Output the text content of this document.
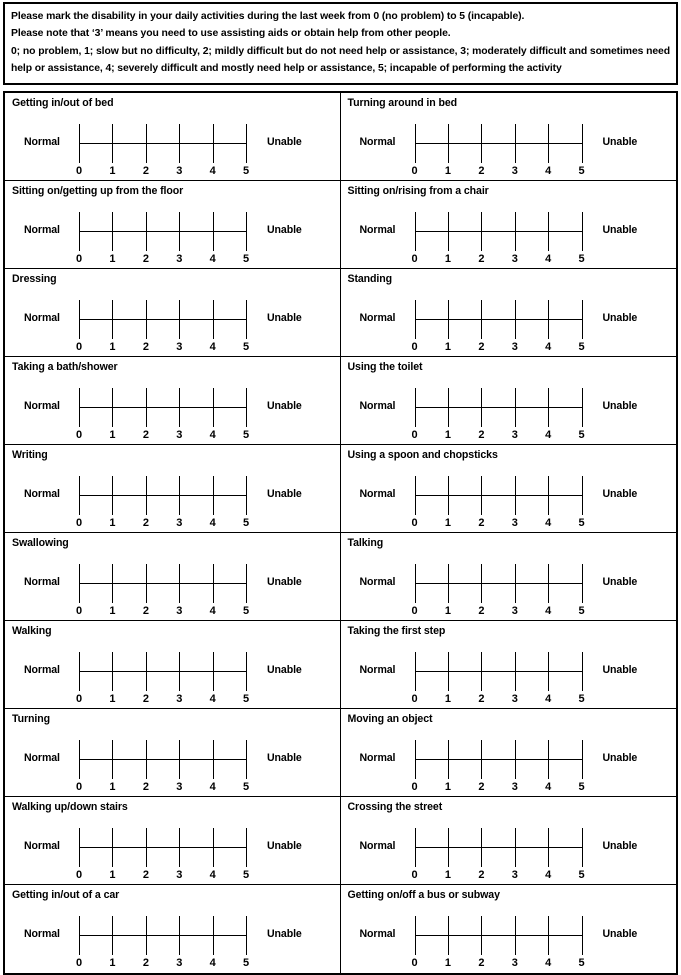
Please mark the disability in your daily activities during the last week from 0 (no problem) to 5 (incapable).

Please note that ‘3’ means you need to use assisting aids or obtain help from other people.

0; no problem, 1; slow but no difficulty, 2; mildly difficult but do not need help or assistance, 3; moderately difficult and sometimes need help or assistance, 4; severely difficult and mostly need help or assistance, 5; incapable of performing the activity

Getting in/out of bed
Normal	Unable
0	1	2	3	4	5
Turning around in bed
Normal	Unable
0	1	2	3	4	5
Sitting on/getting up from the floor
Normal	Unable
0	1	2	3	4	5
Sitting on/rising from a chair
Normal	Unable
0	1	2	3	4	5
Dressing
Normal	Unable
0	1	2	3	4	5
Standing
Normal	Unable
0	1	2	3	4	5
Taking a bath/shower
Normal	Unable
0	1	2	3	4	5
Using the toilet
Normal	Unable
0	1	2	3	4	5
Writing
Normal	Unable
0	1	2	3	4	5
Using a spoon and chopsticks
Normal	Unable
0	1	2	3	4	5
Swallowing
Normal	Unable
0	1	2	3	4	5
Talking
Normal	Unable
0	1	2	3	4	5
Walking
Normal	Unable
0	1	2	3	4	5
Taking the first step
Normal	Unable
0	1	2	3	4	5
Turning
Normal	Unable
0	1	2	3	4	5
Moving an object
Normal	Unable
0	1	2	3	4	5
Walking up/down stairs
Normal	Unable
0	1	2	3	4	5
Crossing the street
Normal	Unable
0	1	2	3	4	5
Getting in/out of a car
Normal	Unable
0	1	2	3	4	5
Getting on/off a bus or subway
Normal	Unable
0	1	2	3	4	5
